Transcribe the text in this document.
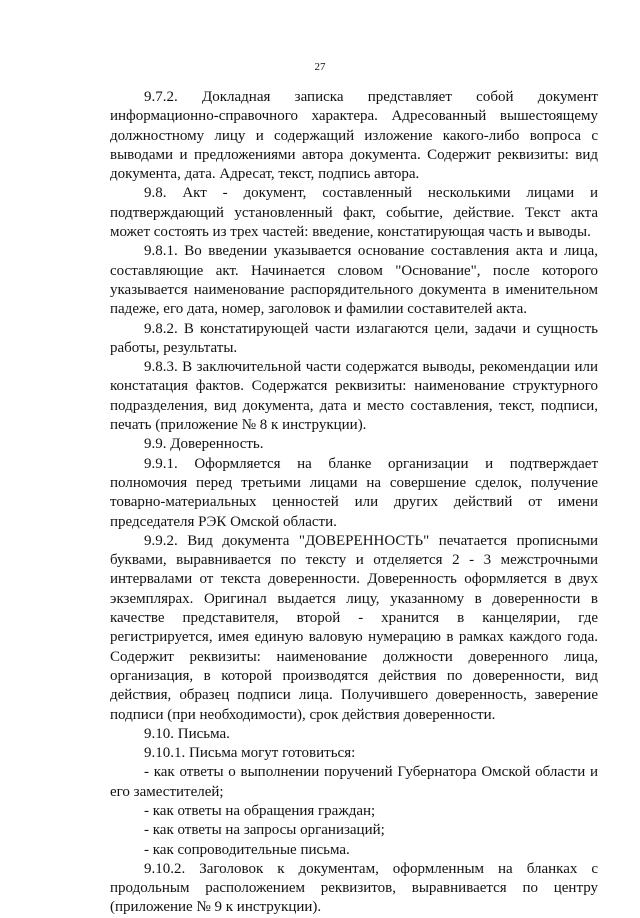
27

9.7.2. Докладная записка представляет собой документ информационно-справочного характера. Адресованный вышестоящему должностному лицу и содержащий изложение какого-либо вопроса с выводами и предложениями автора документа. Содержит реквизиты: вид документа, дата. Адресат, текст, подпись автора.

9.8. Акт - документ, составленный несколькими лицами и подтверждающий установленный факт, событие, действие. Текст акта может состоять из трех частей: введение, констатирующая часть и выводы.

9.8.1. Во введении указывается основание составления акта и лица, составляющие акт. Начинается словом "Основание", после которого указывается наименование распорядительного документа в именительном падеже, его дата, номер, заголовок и фамилии составителей акта.

9.8.2. В констатирующей части излагаются цели, задачи и сущность работы, результаты.

9.8.3. В заключительной части содержатся выводы, рекомендации или констатация фактов. Содержатся реквизиты: наименование структурного подразделения, вид документа, дата и место составления, текст, подписи, печать (приложение № 8 к инструкции).

9.9. Доверенность.

9.9.1. Оформляется на бланке организации и подтверждает полномочия перед третьими лицами на совершение сделок, получение товарно-материальных ценностей или других действий от имени председателя РЭК Омской области.

9.9.2. Вид документа "ДОВЕРЕННОСТЬ" печатается прописными буквами, выравнивается по тексту и отделяется 2 - 3 межстрочными интервалами от текста доверенности. Доверенность оформляется в двух экземплярах. Оригинал выдается лицу, указанному в доверенности в качестве представителя, второй - хранится в канцелярии, где регистрируется, имея единую валовую нумерацию в рамках каждого года. Содержит реквизиты: наименование должности доверенного лица, организация, в которой производятся действия по доверенности, вид действия, образец подписи лица. Получившего доверенность, заверение подписи (при необходимости), срок действия доверенности.

9.10. Письма.

9.10.1. Письма могут готовиться:

- как ответы о выполнении поручений Губернатора Омской области и его заместителей;

- как ответы на обращения граждан;

- как ответы на запросы организаций;

- как сопроводительные письма.

9.10.2. Заголовок к документам, оформленным на бланках с продольным расположением реквизитов, выравнивается по центру (приложение № 9 к инструкции).
